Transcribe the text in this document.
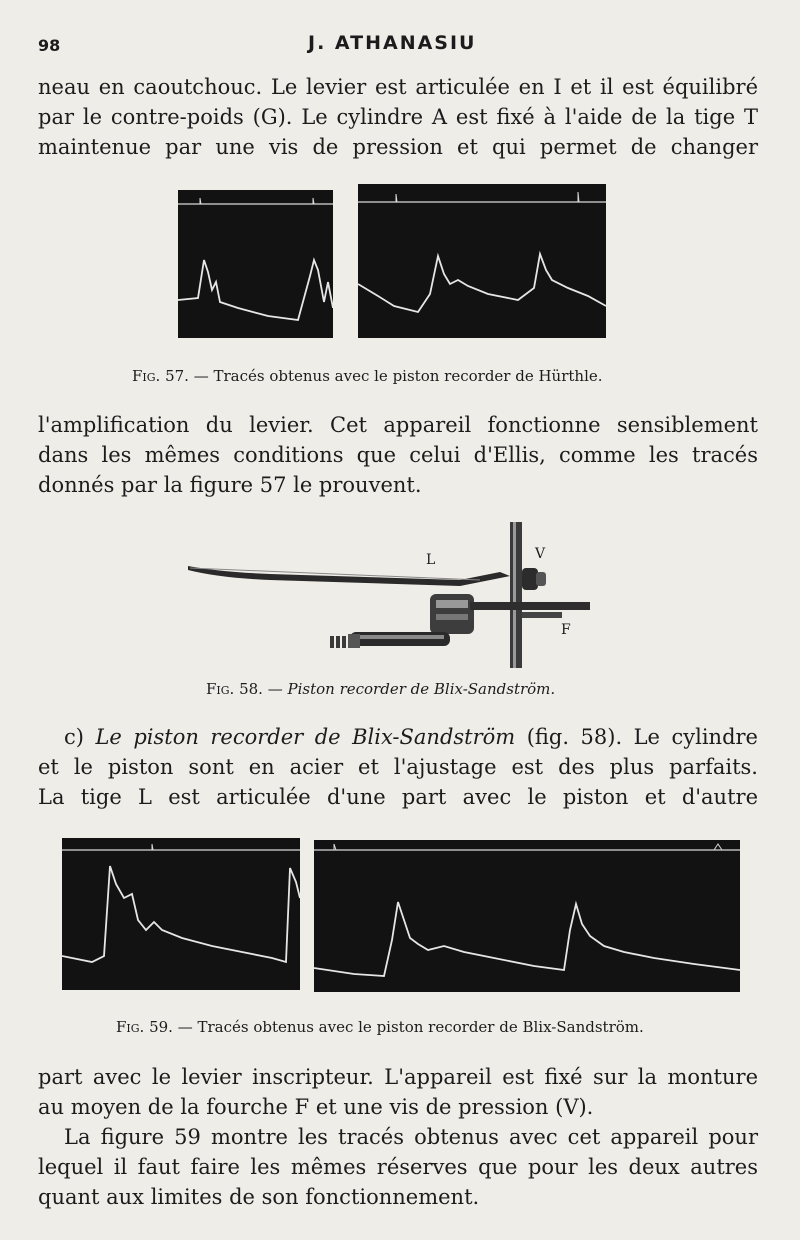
98	J. ATHANASIU

neau en caoutchouc. Le levier est articulée en I et il est équilibré
par le contre-poids (G). Le cylindre A est fixé à l'aide de la tige T
maintenue par une vis de pression et qui permet de changer

Fig. 57. — Tracés obtenus avec le piston recorder de Hürthle.

l'amplification du levier. Cet appareil fonctionne sensiblement
dans les mêmes conditions que celui d'Ellis, comme les tracés
donnés par la figure 57 le prouvent.

L	V
F
Fig. 58. — Piston recorder de Blix-Sandström.

c) Le piston recorder de Blix-Sandström (fig. 58). Le cylindre
et le piston sont en acier et l'ajustage est des plus parfaits.
La tige L est articulée d'une part avec le piston et d'autre

Fig. 59. — Tracés obtenus avec le piston recorder de Blix-Sandström.

part avec le levier inscripteur. L'appareil est fixé sur la monture
au moyen de la fourche F et une vis de pression (V).

La figure 59 montre les tracés obtenus avec cet appareil pour
lequel il faut faire les mêmes réserves que pour les deux autres
quant aux limites de son fonctionnement.
